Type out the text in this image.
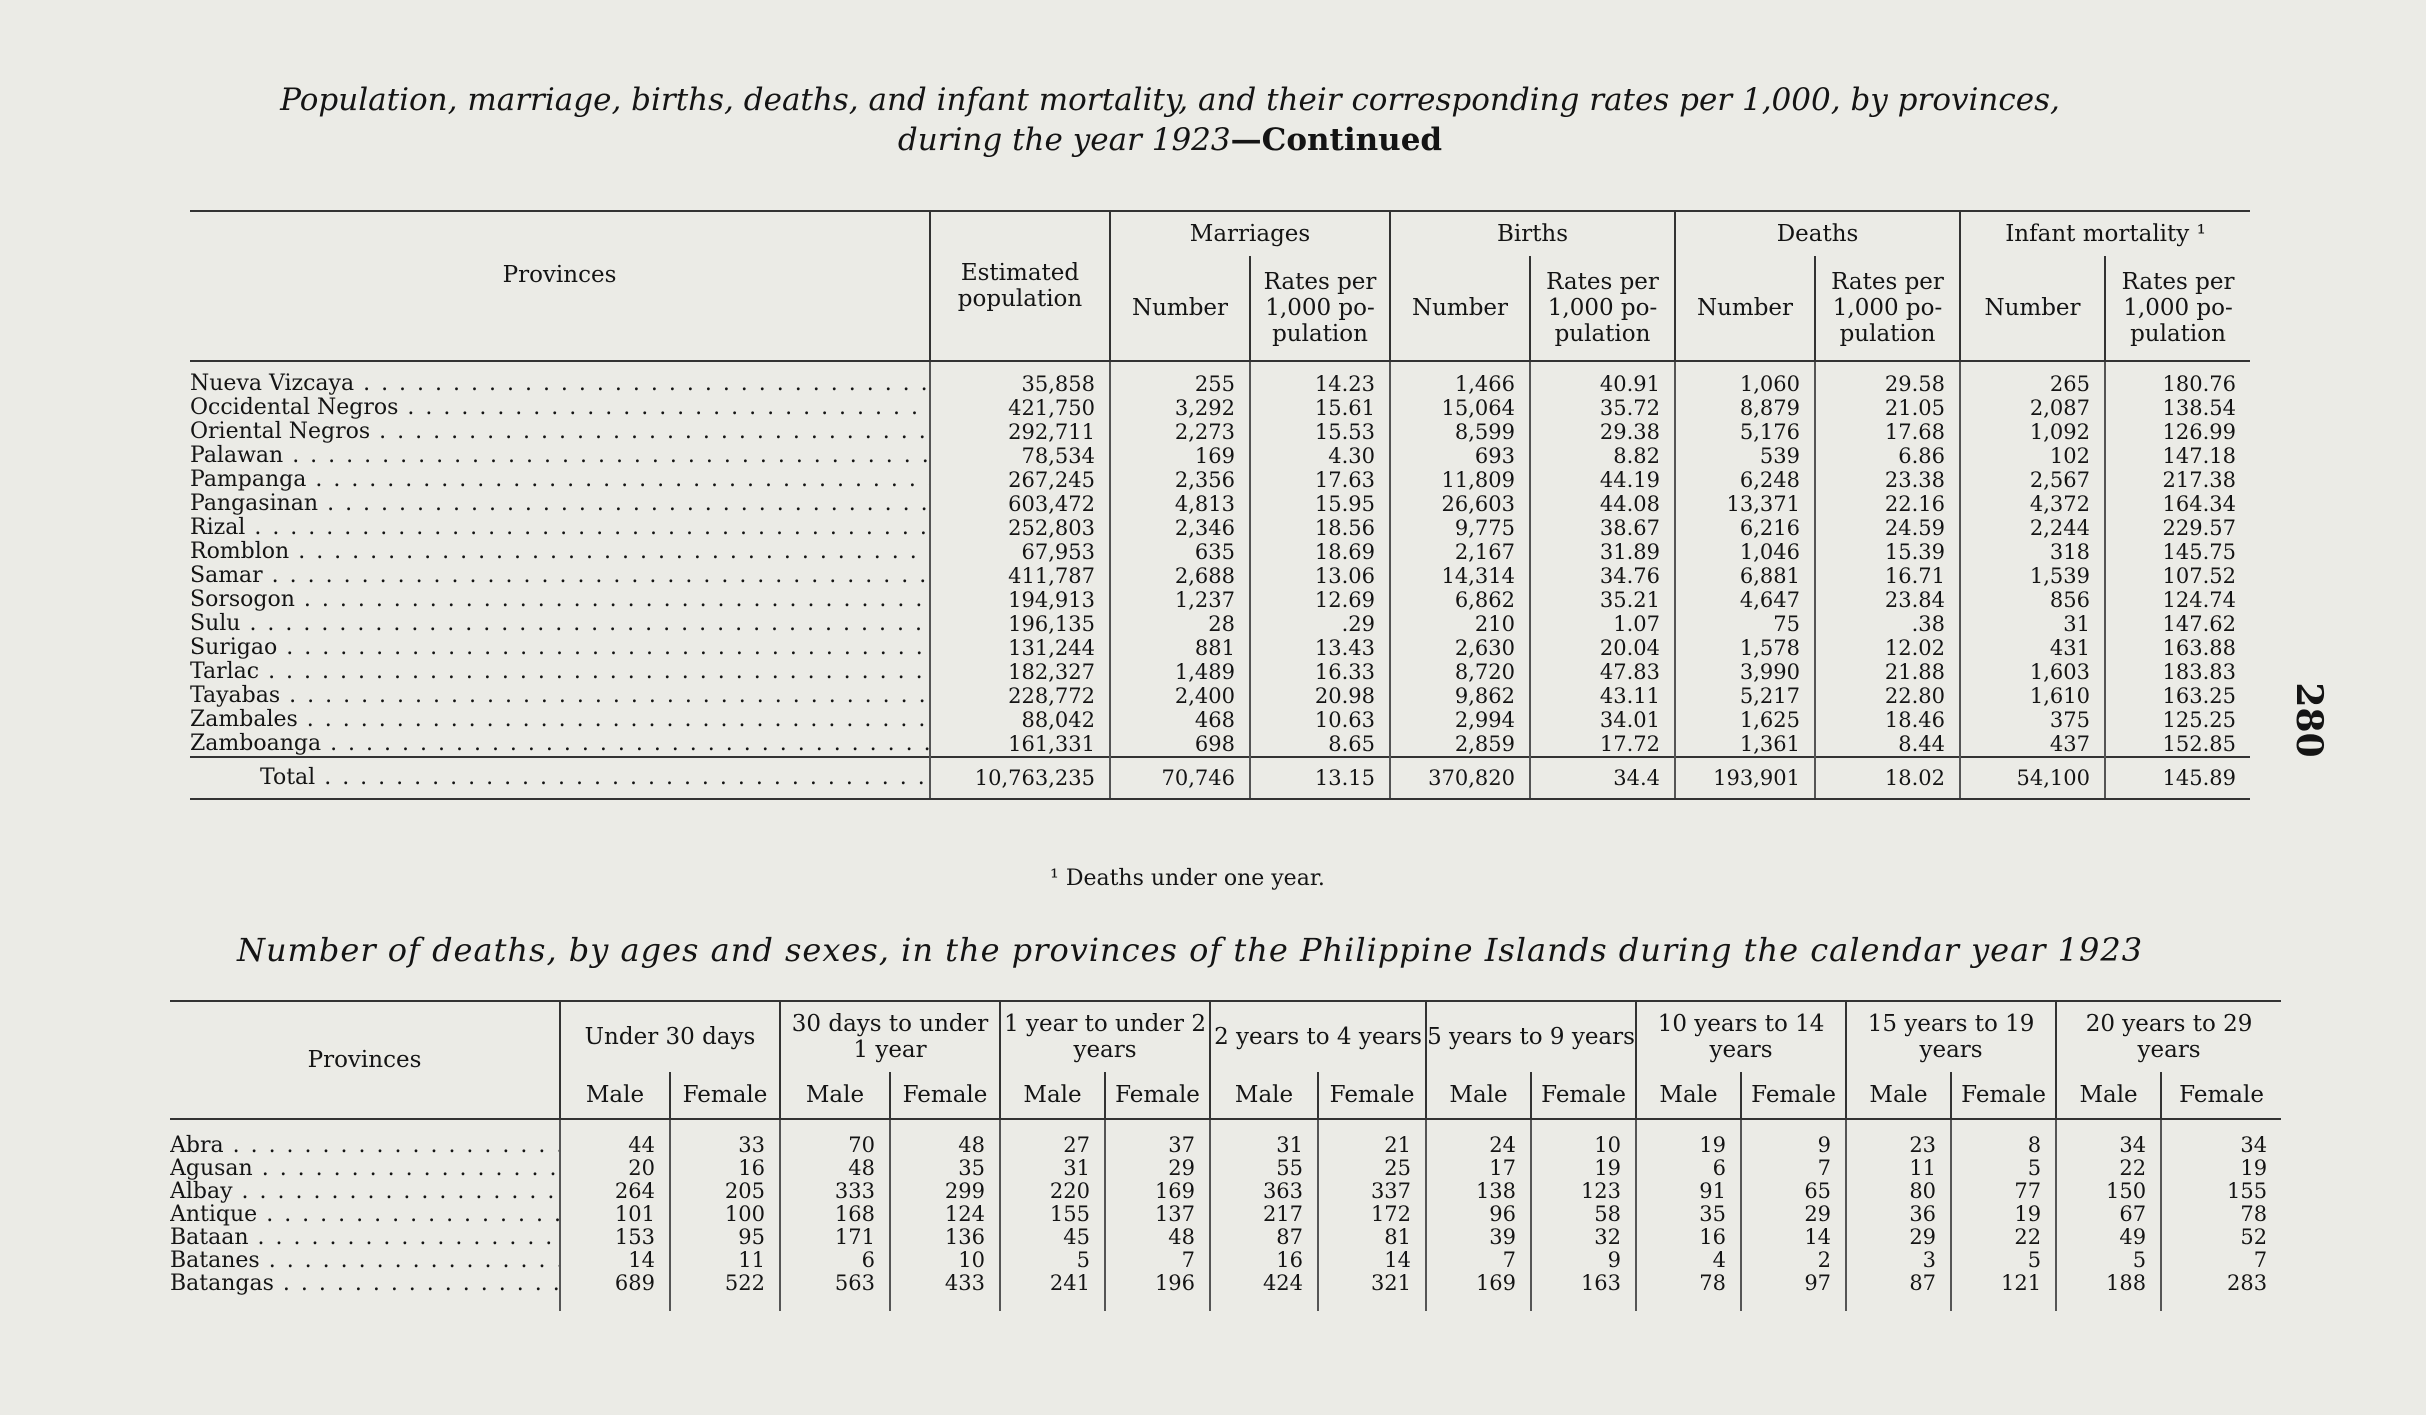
Population, marriage, births, deaths, and infant mortality, and their corresponding rates per 1,000, by provinces,
during the year 1923—Continued
280
Provinces	Estimated population	Marriages		Births		Deaths		Infant mortality ¹	
		Number	Rates per 1,000 po- pulation	Number	Rates per 1,000 po- pulation	Number	Rates per 1,000 po- pulation	Number	Rates per 1,000 po- pulation
Nueva Vizcaya . . .	35,858	255	14.23	1,466	40.91	1,060	29.58	265	180.76
Occidental Negros . . .	421,750	3,292	15.61	15,064	35.72	8,879	21.05	2,087	138.54
Oriental Negros . . .	292,711	2,273	15.53	8,599	29.38	5,176	17.68	1,092	126.99
Palawan . . .	78,534	169	4.30	693	8.82	539	6.86	102	147.18
Pampanga . . .	267,245	2,356	17.63	11,809	44.19	6,248	23.38	2,567	217.38
Pangasinan . . .	603,472	4,813	15.95	26,603	44.08	13,371	22.16	4,372	164.34
Rizal . . .	252,803	2,346	18.56	9,775	38.67	6,216	24.59	2,244	229.57
Romblon . . .	67,953	635	18.69	2,167	31.89	1,046	15.39	318	145.75
Samar . . .	411,787	2,688	13.06	14,314	34.76	6,881	16.71	1,539	107.52
Sorsogon . . .	194,913	1,237	12.69	6,862	35.21	4,647	23.84	856	124.74
Sulu . . .	196,135	28	.29	210	1.07	75	.38	31	147.62
Surigao . . .	131,244	881	13.43	2,630	20.04	1,578	12.02	431	163.88
Tarlac . . .	182,327	1,489	16.33	8,720	47.83	3,990	21.88	1,603	183.83
Tayabas . . .	228,772	2,400	20.98	9,862	43.11	5,217	22.80	1,610	163.25
Zambales . . .	88,042	468	10.63	2,994	34.01	1,625	18.46	375	125.25
Zamboanga . . .	161,331	698	8.65	2,859	17.72	1,361	8.44	437	152.85
Total . . .	10,763,235	70,746	13.15	370,820	34.4	193,901	18.02	54,100	145.89
¹ Deaths under one year.
Number of deaths, by ages and sexes, in the provinces of the Philippine Islands during the calendar year 1923
Provinces	Under 30 days		30 days to under 1 year		1 year to under 2 years		2 years to 4 years		5 years to 9 years		10 years to 14 years		15 years to 19 years		20 years to 29 years	
	Male	Female	Male	Female	Male	Female	Male	Female	Male	Female	Male	Female	Male	Female	Male	Female
Abra . . .	44	33	70	48	27	37	31	21	24	10	19	9	23	8	34	34
Agusan . . .	20	16	48	35	31	29	55	25	17	19	6	7	11	5	22	19
Albay . . .	264	205	333	299	220	169	363	337	138	123	91	65	80	77	150	155
Antique . . .	101	100	168	124	155	137	217	172	96	58	35	29	36	19	67	78
Bataan . . .	153	95	171	136	45	48	87	81	39	32	16	14	29	22	49	52
Batanes . . .	14	11	6	10	5	7	16	14	7	9	4	2	3	5	5	7
Batangas . . .	689	522	563	433	241	196	424	321	169	163	78	97	87	121	188	283
